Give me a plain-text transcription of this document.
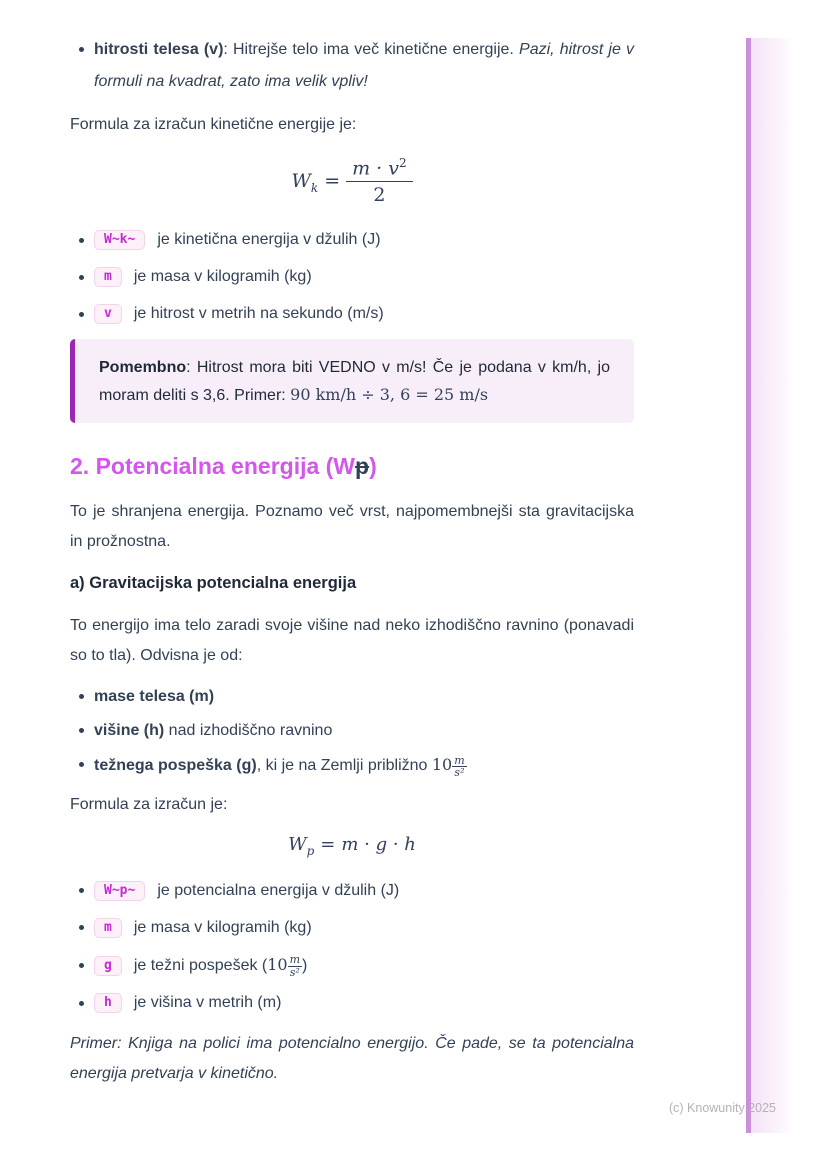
(c) Knowunity 2025
hitrosti telesa (v): Hitrejše telo ima več kinetične energije. Pazi, hitrost je v formuli na kvadrat, zato ima velik vpliv!

Formula za izračun kinetične energije je:

$W_k = \frac{m \cdot v^2}{2}$
W~k~	je kinetična energija v džulih (J)
m	je masa v kilogramih (kg)
v	je hitrost v metrih na sekundo (m/s)
Pomembno: Hitrost mora biti VEDNO v m/s! Če je podana v km/h, jo moram deliti s 3,6. Primer: 90 km/h ÷ 3, 6 = 25 m/s
2. Potencialna energija (Wp)

To je shranjena energija. Poznamo več vrst, najpomembnejši sta gravitacijska in prožnostna.

a) Gravitacijska potencialna energija

To energijo ima telo zaradi svoje višine nad neko izhodiščno ravnino (ponavadi so to tla). Odvisna je od:

mase telesa (m)
višine (h) nad izhodiščno ravnino
težnega pospeška (g), ki je na Zemlji približno $10 \frac{m}{\text{s²}}$

Formula za izračun je:

$W_p = m \cdot g \cdot h$
W~p~	je potencialna energija v džulih (J)
m	je masa v kilogramih (kg)
g	je težni pospešek ($10 \frac{m}{\text{s²}}$ )
h	je višina v metrih (m)

Primer: Knjiga na polici ima potencialno energijo. Če pade, se ta potencialna energija pretvarja v kinetično.
